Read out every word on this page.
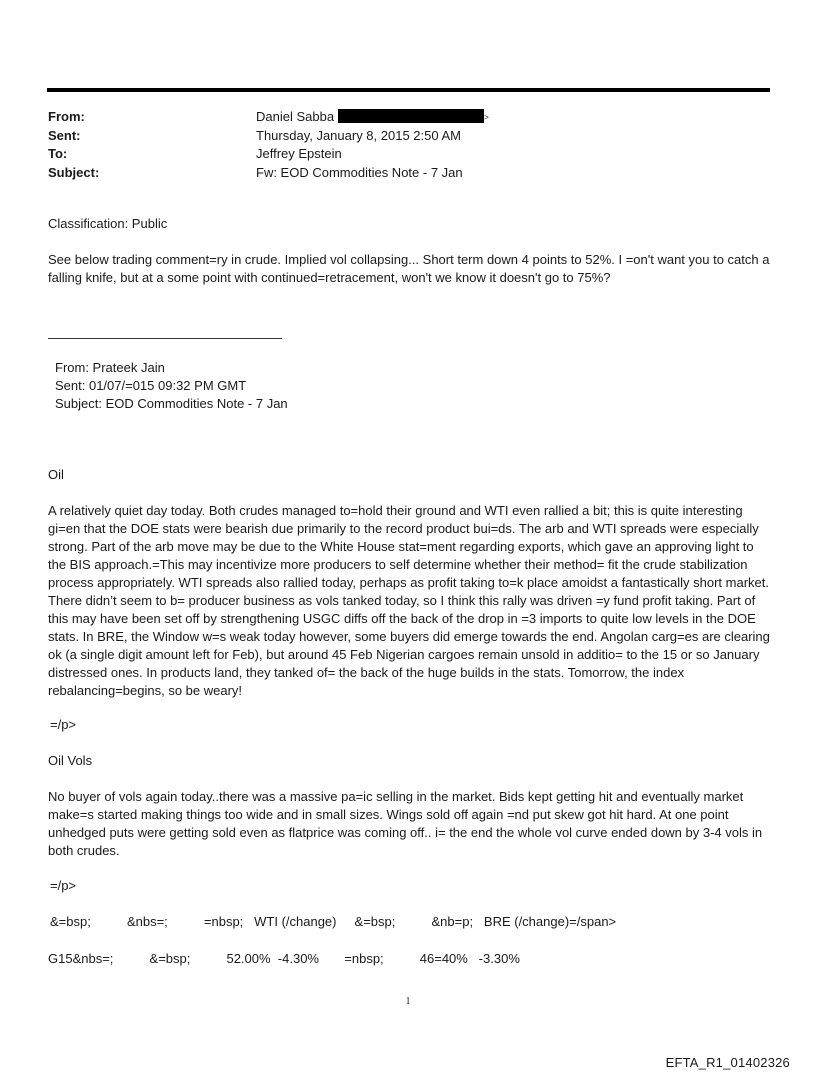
From:	Daniel Sabba	>
Sent:	Thursday, January 8, 2015 2:50 AM
To:	Jeffrey Epstein
Subject:	Fw: EOD Commodities Note - 7 Jan

Classification: Public

See below trading comment=ry in crude. Implied vol collapsing... Short term down 4 points to 52%. I =on't want you to catch a falling knife, but at a some point with continued=retracement, won't we know it doesn't go to 75%?

From: Prateek Jain
Sent: 01/07/=015 09:32 PM GMT
Subject: EOD Commodities Note - 7 Jan

Oil

A relatively quiet day today. Both crudes managed to=hold their ground and WTI even rallied a bit; this is quite interesting gi=en that the DOE stats were bearish due primarily to the record product bui=ds. The arb and WTI spreads were especially strong. Part of the arb move may be due to the White House stat=ment regarding exports, which gave an approving light to the BIS approach.=This may incentivize more producers to self determine whether their method= fit the crude stabilization process appropriately. WTI spreads also rallied today, perhaps as profit taking to=k place amoidst a fantastically short market. There didn’t seem to b= producer business as vols tanked today, so I think this rally was driven =y fund profit taking. Part of this may have been set off by strengthening USGC diffs off the back of the drop in =3 imports to quite low levels in the DOE stats. In BRE, the Window w=s weak today however, some buyers did emerge towards the end. Angolan carg=es are clearing ok (a single digit amount left for Feb), but around 45 Feb Nigerian cargoes remain unsold in additio= to the 15 or so January distressed ones. In products land, they tanked of= the back of the huge builds in the stats. Tomorrow, the index rebalancing=begins, so be weary!

=/p>

Oil Vols

No buyer of vols again today..there was a massive pa=ic selling in the market. Bids kept getting hit and eventually market make=s started making things too wide and in small sizes. Wings sold off again =nd put skew got hit hard. At one point unhedged puts were getting sold even as flatprice was coming off.. i= the end the whole vol curve ended down by 3-4 vols in both crudes.

=/p>

&=bsp;          &nbs=;          =nbsp;   WTI (/change)     &=bsp;          &nb=p;   BRE (/change)=/span>

G15&nbs=;          &=bsp;          52.00%  -4.30%       =nbsp;          46=40%   -3.30%

1
EFTA_R1_01402326
